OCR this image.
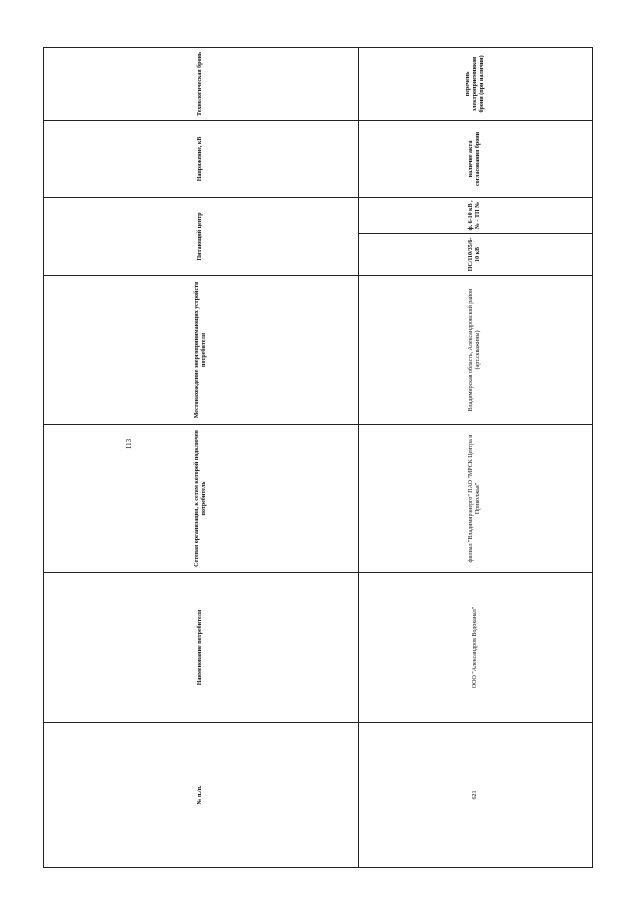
113
№ п./п.	Наименование потребителя	Сетевая организация, к сетям которой подключен потребитель	Местонахождение энергопринимающих устройств потребителя	Питающий центр		Напряжение, кВ	Технологическая бронь
621	ООО "Александров Водоканал"	филиал "Владимирэнерго" ПАО "МРСК Центра и Приволжья"	Владимирская область, Александровский район (арт.скважины)	ПС/110/35/6-10 кВ	ф. 6-10 кВ , № - ТП №	наличие акта согласования брони	перечень электроприемников брони (при наличии)
